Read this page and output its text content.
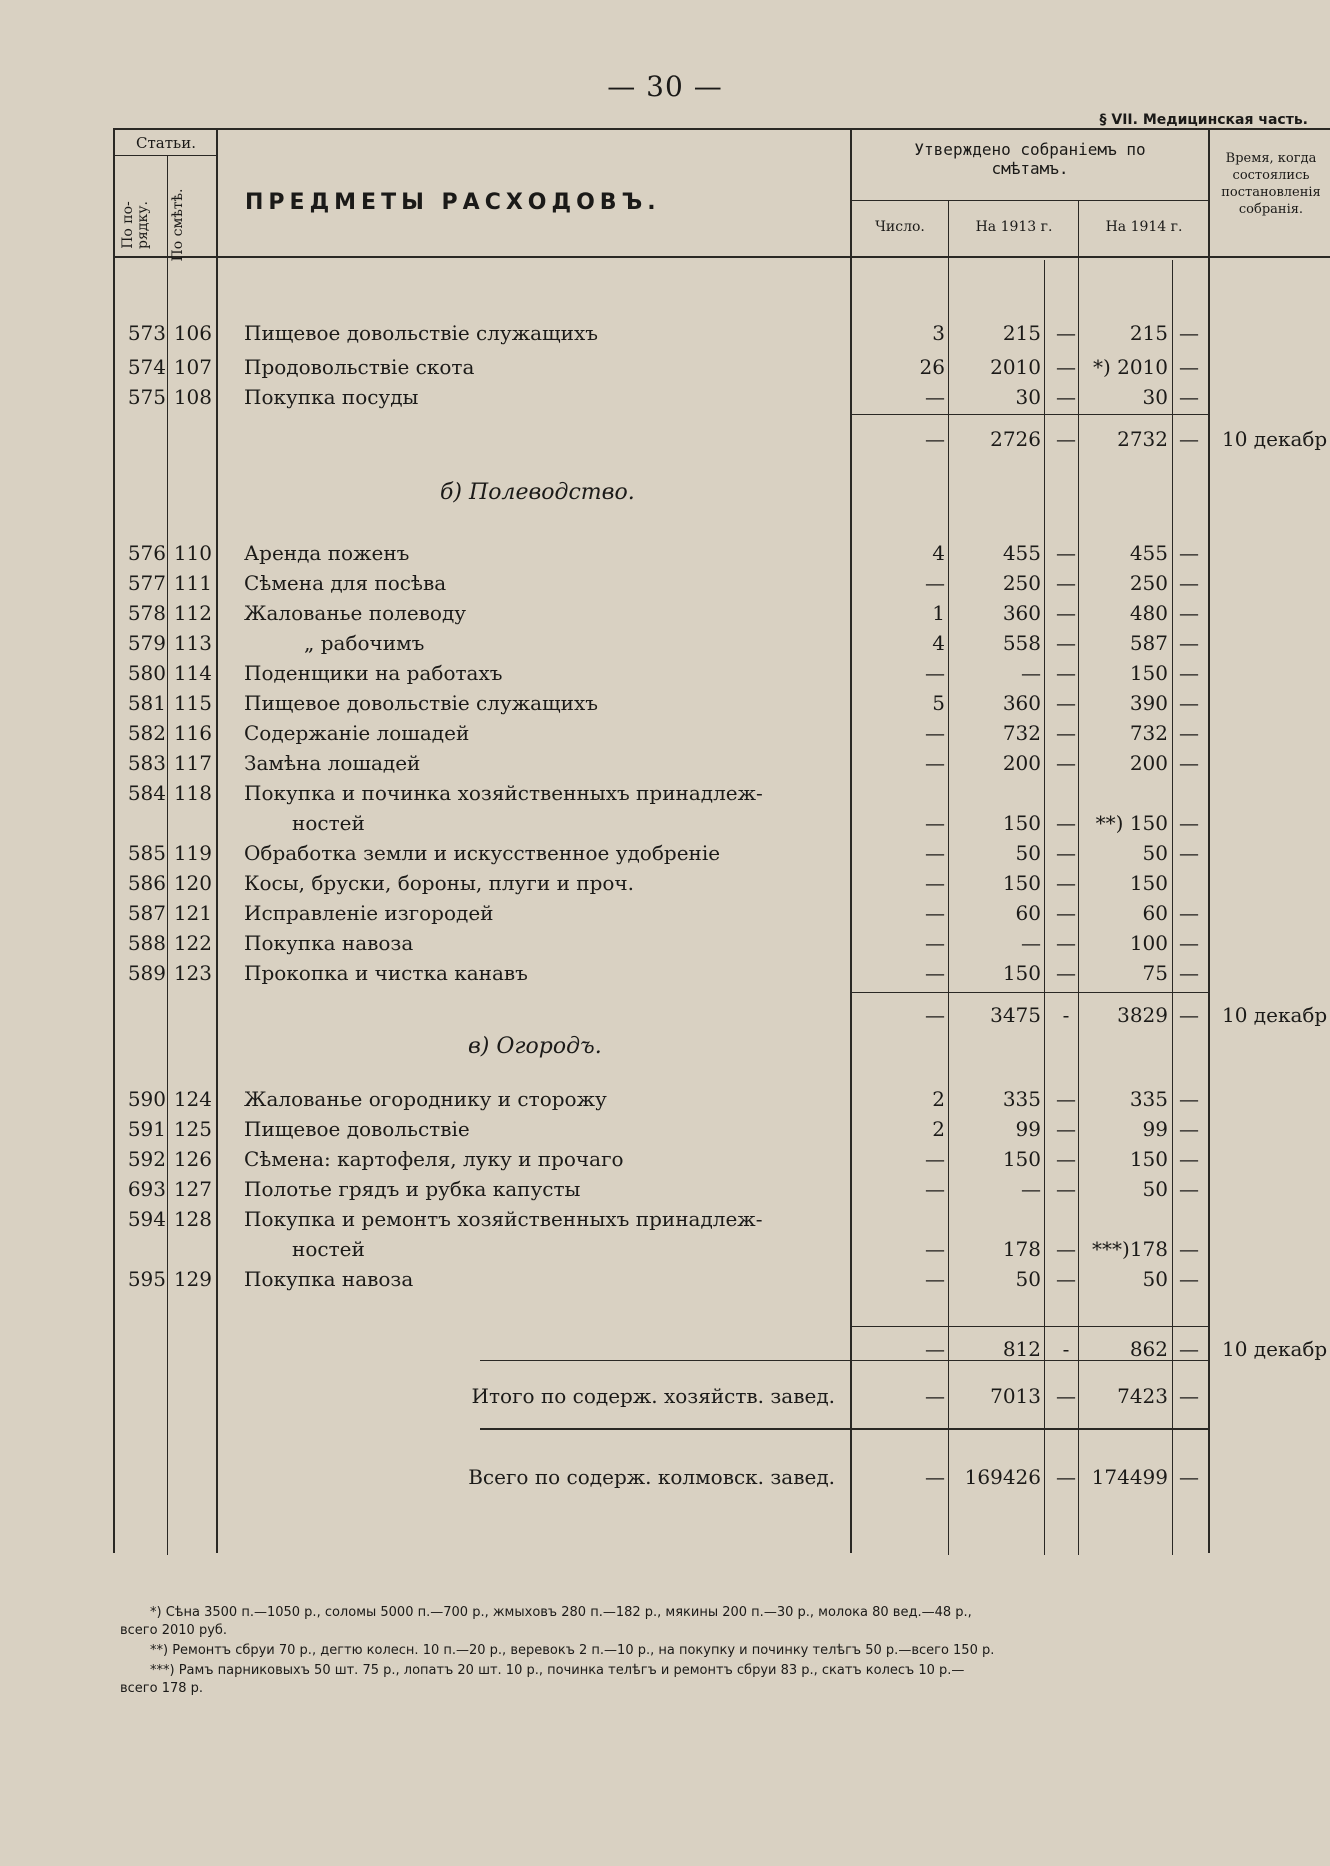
— 30 —
§ VII. Медицинская часть.
Статьи.
По по-рядку.	По смѣтѣ.	ПРЕДМЕТЫ РАСХОДОВЪ.
Утверждено собраніемъ по смѣтамъ.
Число.	На 1913 г.	На 1914 г.
Время, когда состоялись постановленія собранія.
б) Полеводство.
в) Огородъ.
573 106 Пищевое довольствіе служащихъ	3	215 —	215 —
574 107 Продовольствіе скота	26	2010 — *) 2010 —
575 108 Покупка посуды	—	30 —	30 —
—	2726 —	2732 —	10 декабр
576 110 Аренда поженъ	4	455 —	455 —
577 111 Сѣмена для посѣва	—	250 —	250 —
578 112 Жалованье полеводу	1	360 —	480 —
579 113	„ рабочимъ	4	558 —	587 —
580 114 Поденщики на работахъ	—	— —	150 —
581 115 Пищевое довольствіе служащихъ	5	360 —	390 —
582 116 Содержаніе лошадей	—	732 —	732 —
583 117 Замѣна лошадей	—	200 —	200 —
584 118 Покупка и починка хозяйственныхъ принадлеж-
ностей	—	150 — **) 150 —
585 119 Обработка земли и искусственное удобреніе	—	50 —	50 —
586 120 Косы, бруски, бороны, плуги и проч.	—	150 —	150
587 121 Исправленіе изгородей	—	60 —	60 —
588 122 Покупка навоза	—	— —	100 —
589 123 Прокопка и чистка канавъ	—	150 —	75 —
—	3475	-	3829 —	10 декабр
590 124 Жалованье огороднику и сторожу	2	335 —	335 —
591 125 Пищевое довольствіе	2	99 —	99 —
592 126 Сѣмена: картофеля, луку и прочаго	—	150 —	150 —
693 127 Полотье грядъ и рубка капусты	—	— —	50 —
594 128 Покупка и ремонтъ хозяйственныхъ принадлеж-
ностей	—	178 — ***)178 —
595 129 Покупка навоза	—	50 —	50 —
—	812	-	862 —	10 декабр
Итого по содерж. хозяйств. завед.	—	7013 —	7423 —
Всего по содерж. колмовск. завед.	— 169426 — 174499 —
*) Сѣна 3500 п.—1050 р., соломы 5000 п.—700 р., жмыховъ 280 п.—182 р., мякины 200 п.—30 р., молока 80 вед.—48 р.,
всего 2010 руб.
**) Ремонтъ сбруи 70 р., дегтю колесн. 10 п.—20 р., веревокъ 2 п.—10 р., на покупку и починку телѣгъ 50 р.—всего 150 р.
***) Рамъ парниковыхъ 50 шт. 75 р., лопатъ 20 шт. 10 р., починка телѣгъ и ремонтъ сбруи 83 р., скатъ колесъ 10 р.—
всего 178 р.
